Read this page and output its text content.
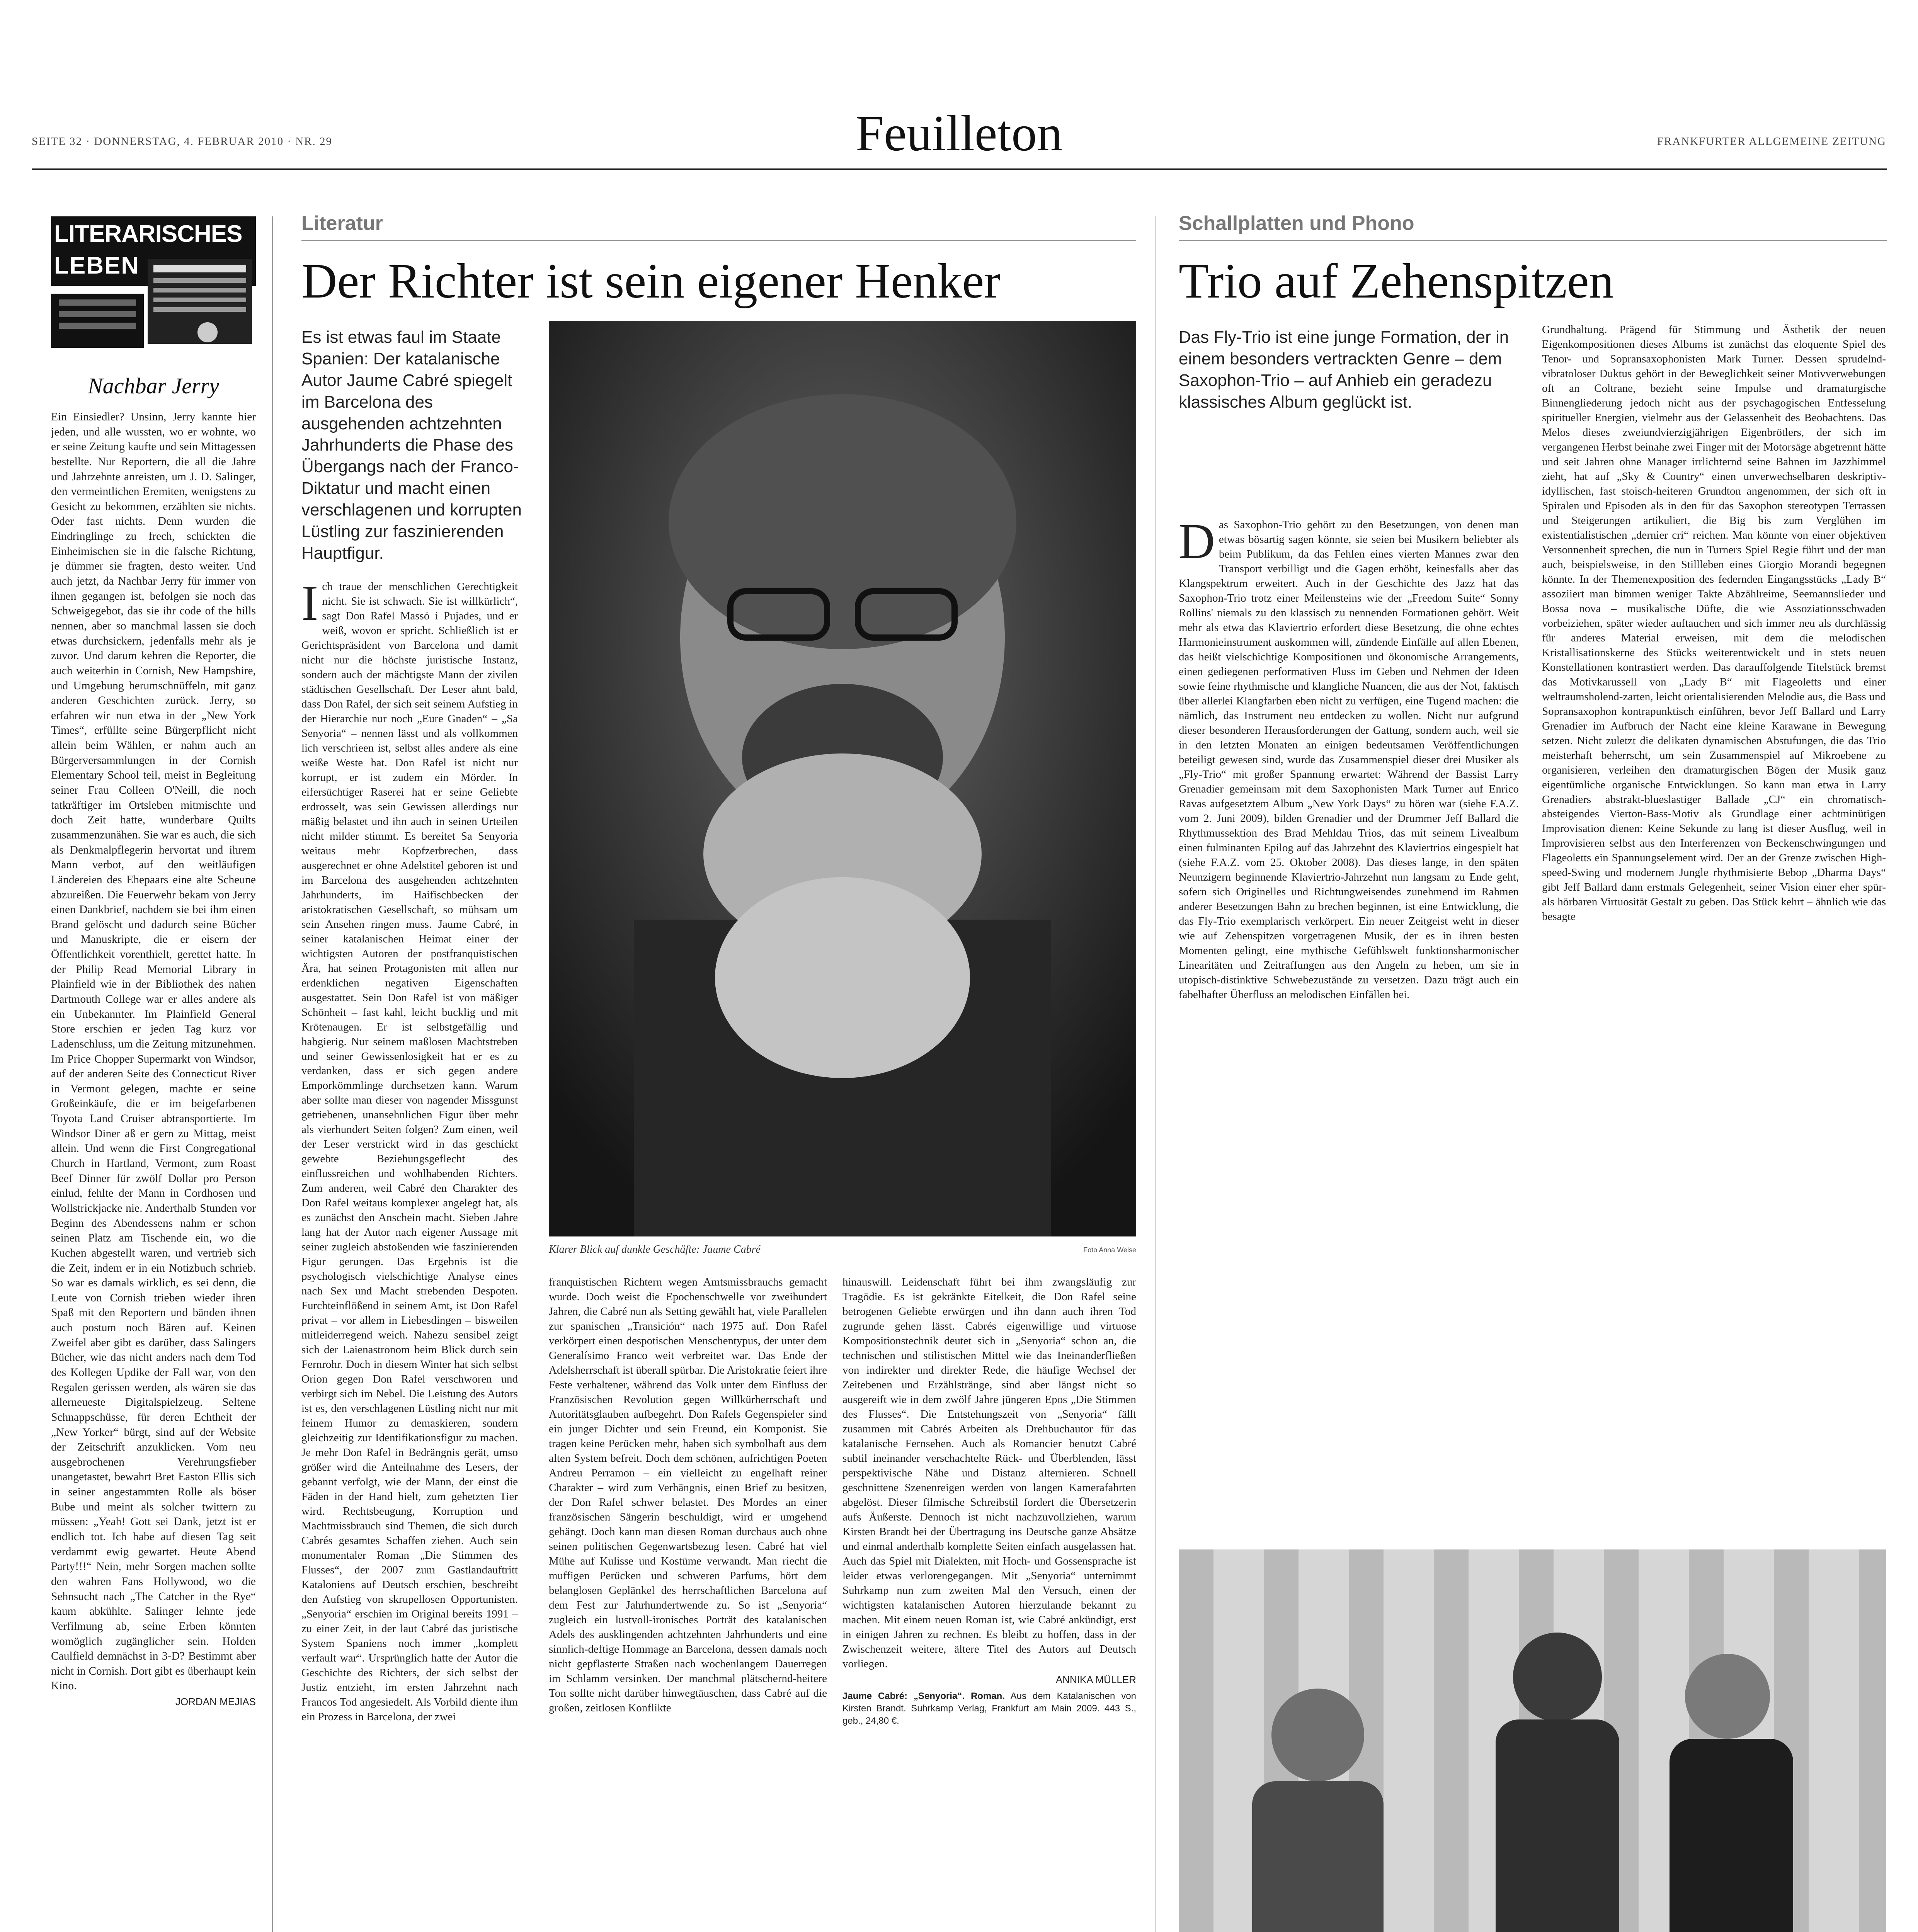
SEITE 32 · DONNERSTAG, 4. FEBRUAR 2010 · NR. 29	Feuilleton	FRANKFURTER ALLGEMEINE ZEITUNG
LITERARISCHES
LEBEN
Nachbar Jerry

Ein Einsiedler? Unsinn, Jerry kannte hier jeden, und alle wussten, wo er wohnte, wo er seine Zeitung kaufte und sein Mittagessen bestellte. Nur Reportern, die all die Jahre und Jahrzehnte anreisten, um J. D. Salinger, den vermeintlichen Eremiten, wenigstens zu Gesicht zu bekommen, erzählten sie nichts. Oder fast nichts. Denn wurden die Eindringlinge zu frech, schickten die Einheimischen sie in die falsche Richtung, je dümmer sie fragten, desto weiter. Und auch jetzt, da Nachbar Jerry für immer von ihnen gegangen ist, befolgen sie noch das Schweigegebot, das sie ihr code of the hills nennen, aber so manchmal lassen sie doch etwas durchsickern, jedenfalls mehr als je zuvor. Und darum kehren die Reporter, die auch weiterhin in Cornish, New Hampshire, und Umgebung herumschnüffeln, mit ganz anderen Geschichten zurück. Jerry, so erfahren wir nun etwa in der „New York Times“, erfüllte seine Bürgerpflicht nicht allein beim Wählen, er nahm auch an Bürgerversammlungen in der Cornish Elementary School teil, meist in Begleitung seiner Frau Colleen O'Neill, die noch tatkräftiger im Ortsleben mitmischte und doch Zeit hatte, wunderbare Quilts zusammenzunähen. Sie war es auch, die sich als Denkmalpflegerin hervortat und ihrem Mann verbot, auf den weitläufigen Ländereien des Ehepaars eine alte Scheune abzureißen. Die Feuerwehr bekam von Jerry einen Dankbrief, nachdem sie bei ihm einen Brand gelöscht und dadurch seine Bücher und Manuskripte, die er eisern der Öffentlichkeit vorenthielt, gerettet hatte. In der Philip Read Memorial Library in Plainfield wie in der Bibliothek des nahen Dartmouth College war er alles andere als ein Unbekannter. Im Plainfield General Store erschien er jeden Tag kurz vor Ladenschluss, um die Zeitung mitzunehmen. Im Price Chopper Supermarkt von Windsor, auf der anderen Seite des Connecticut River in Vermont gelegen, machte er seine Großeinkäufe, die er im beigefarbenen Toyota Land Cruiser abtransportierte. Im Windsor Diner aß er gern zu Mittag, meist allein. Und wenn die First Congregational Church in Hartland, Vermont, zum Roast Beef Dinner für zwölf Dollar pro Person einlud, fehlte der Mann in Cordhosen und Wollstrickjacke nie. Anderthalb Stunden vor Beginn des Abendessens nahm er schon seinen Platz am Tischende ein, wo die Kuchen abgestellt waren, und vertrieb sich die Zeit, indem er in ein Notizbuch schrieb. So war es damals wirklich, es sei denn, die Leute von Cornish trieben wieder ihren Spaß mit den Reportern und bänden ihnen auch postum noch Bären auf. Keinen Zweifel aber gibt es darüber, dass Salingers Bücher, wie das nicht anders nach dem Tod des Kollegen Updike der Fall war, von den Regalen gerissen werden, als wären sie das allerneueste Digitalspielzeug. Seltene Schnappschüsse, für deren Echtheit der „New Yorker“ bürgt, sind auf der Website der Zeitschrift anzuklicken. Vom neu ausgebrochenen Verehrungsfieber unangetastet, bewahrt Bret Easton Ellis sich in seiner angestammten Rolle als böser Bube und meint als solcher twittern zu müssen: „Yeah! Gott sei Dank, jetzt ist er endlich tot. Ich habe auf diesen Tag seit verdammt ewig gewartet. Heute Abend Party!!!“ Nein, mehr Sorgen machen sollte den wahren Fans Hollywood, wo die Sehnsucht nach „The Catcher in the Rye“ kaum abkühlte. Salinger lehnte jede Verfilmung ab, seine Erben könnten womöglich zugänglicher sein. Holden Caulfield demnächst in 3-D? Bestimmt aber nicht in Cornish. Dort gibt es überhaupt kein Kino.

JORDAN MEJIAS
Literatur
Der Richter ist sein eigener Henker
Es ist etwas faul im Staate Spanien: Der katalanische Autor Jaume Cabré spiegelt im Barcelona des ausgehenden achtzehnten Jahrhunderts die Phase des Übergangs nach der Franco-Diktatur und macht einen verschlagenen und korrupten Lüstling zur faszinierenden Hauptfigur.

Ich traue der menschlichen Gerechtigkeit nicht. Sie ist schwach. Sie ist willkürlich“, sagt Don Rafel Massó i Pujades, und er weiß, wovon er spricht. Schließlich ist er Gerichtspräsident von Barcelona und damit nicht nur die höchste juristische Instanz, sondern auch der mächtigste Mann der zivilen städtischen Gesellschaft. Der Leser ahnt bald, dass Don Rafel, der sich seit seinem Aufstieg in der Hierarchie nur noch „Eure Gnaden“ – „Sa Senyoria“ – nennen lässt und als vollkommen lich verschrieen ist, selbst alles andere als eine weiße Weste hat. Don Rafel ist nicht nur korrupt, er ist zudem ein Mörder. In eifersüchtiger Raserei hat er seine Geliebte erdrosselt, was sein Gewissen allerdings nur mäßig belastet und ihn auch in seinen Urteilen nicht milder stimmt. Es bereitet Sa Senyoria weitaus mehr Kopfzerbrechen, dass ausgerechnet er ohne Adelstitel geboren ist und im Barcelona des ausgehenden achtzehnten Jahrhunderts, im Haifischbecken der aristokratischen Gesellschaft, so mühsam um sein Ansehen ringen muss. Jaume Cabré, in seiner katalanischen Heimat einer der wichtigsten Autoren der postfranquistischen Ära, hat seinen Protagonisten mit allen nur erdenklichen negativen Eigenschaften ausgestattet. Sein Don Rafel ist von mäßiger Schönheit – fast kahl, leicht bucklig und mit Krötenaugen. Er ist selbstgefällig und habgierig. Nur seinem maßlosen Machtstreben und seiner Gewissenlosigkeit hat er es zu verdanken, dass er sich gegen andere Emporkömmlinge durchsetzen kann. Warum aber sollte man dieser von nagender Missgunst getriebenen, unansehnlichen Figur über mehr als vierhundert Seiten folgen? Zum einen, weil der Leser verstrickt wird in das geschickt gewebte Beziehungsgeflecht des einflussreichen und wohlhabenden Richters. Zum anderen, weil Cabré den Charakter des Don Rafel weitaus komplexer angelegt hat, als es zunächst den Anschein macht. Sieben Jahre lang hat der Autor nach eigener Aussage mit seiner zugleich abstoßenden wie faszinierenden Figur gerungen. Das Ergebnis ist die psychologisch vielschichtige Analyse eines nach Sex und Macht strebenden Despoten. Furchteinflößend in seinem Amt, ist Don Rafel privat – vor allem in Liebesdingen – bisweilen mitleiderregend weich. Nahezu sensibel zeigt sich der Laienastronom beim Blick durch sein Fernrohr. Doch in diesem Winter hat sich selbst Orion gegen Don Rafel verschworen und verbirgt sich im Nebel. Die Leistung des Autors ist es, den verschlagenen Lüstling nicht nur mit feinem Humor zu demaskieren, sondern gleichzeitig zur Identifikationsfigur zu machen. Je mehr Don Rafel in Bedrängnis gerät, umso größer wird die Anteilnahme des Lesers, der gebannt verfolgt, wie der Mann, der einst die Fäden in der Hand hielt, zum gehetzten Tier wird. Rechtsbeugung, Korruption und Machtmissbrauch sind Themen, die sich durch Cabrés gesamtes Schaffen ziehen. Auch sein monumentaler Roman „Die Stimmen des Flusses“, der 2007 zum Gastlandauftritt Kataloniens auf Deutsch erschien, beschreibt den Aufstieg von skrupellosen Opportunisten. „Senyoria“ erschien im Original bereits 1991 – zu einer Zeit, in der laut Cabré das juristische System Spaniens noch immer „komplett verfault war“. Ursprünglich hatte der Autor die Geschichte des Richters, der sich selbst der Justiz entzieht, im ersten Jahrzehnt nach Francos Tod angesiedelt. Als Vorbild diente ihm ein Prozess in Barcelona, der zwei

Klarer Blick auf dunkle Geschäfte: Jaume Cabré	Foto Anna Weise

franquistischen Richtern wegen Amtsmissbrauchs gemacht wurde. Doch weist die Epochenschwelle vor zweihundert Jahren, die Cabré nun als Setting gewählt hat, viele Parallelen zur spanischen „Transición“ nach 1975 auf. Don Rafel verkörpert einen despotischen Menschentypus, der unter dem Generalísimo Franco weit verbreitet war. Das Ende der Adelsherrschaft ist überall spürbar. Die Aristokratie feiert ihre Feste verhaltener, während das Volk unter dem Einfluss der Französischen Revolution gegen Willkürherrschaft und Autoritätsglauben aufbegehrt. Don Rafels Gegenspieler sind ein junger Dichter und sein Freund, ein Komponist. Sie tragen keine Perücken mehr, haben sich symbolhaft aus dem alten System befreit. Doch dem schönen, aufrichtigen Poeten Andreu Perramon – ein vielleicht zu engelhaft reiner Charakter – wird zum Verhängnis, einen Brief zu besitzen, der Don Rafel schwer belastet. Des Mordes an einer französischen Sängerin beschuldigt, wird er umgehend gehängt. Doch kann man diesen Roman durchaus auch ohne seinen politischen Gegenwartsbezug lesen. Cabré hat viel Mühe auf Kulisse und Kostüme verwandt. Man riecht die muffigen Perücken und schweren Parfums, hört dem belanglosen Geplänkel des herrschaftlichen Barcelona auf dem Fest zur Jahrhundertwende zu. So ist „Senyoria“ zugleich ein lustvoll-ironisches Porträt des katalanischen Adels des ausklingenden achtzehnten Jahrhunderts und eine sinnlich-deftige Hommage an Barcelona, dessen damals noch nicht gepflasterte Straßen nach wochenlangem Dauerregen im Schlamm versinken. Der manchmal plätschernd-heitere Ton sollte nicht darüber hinwegtäuschen, dass Cabré auf die großen, zeitlosen Konflikte

hinauswill. Leidenschaft führt bei ihm zwangsläufig zur Tragödie. Es ist gekränkte Eitelkeit, die Don Rafel seine betrogenen Geliebte erwürgen und ihn dann auch ihren Tod zugrunde gehen lässt. Cabrés eigenwillige und virtuose Kompositionstechnik deutet sich in „Senyoria“ schon an, die technischen und stilistischen Mittel wie das Ineinanderfließen von indirekter und direkter Rede, die häufige Wechsel der Zeitebenen und Erzählstränge, sind aber längst nicht so ausgereift wie in dem zwölf Jahre jüngeren Epos „Die Stimmen des Flusses“. Die Entstehungszeit von „Senyoria“ fällt zusammen mit Cabrés Arbeiten als Drehbuchautor für das katalanische Fernsehen. Auch als Romancier benutzt Cabré subtil ineinander verschachtelte Rück- und Überblenden, lässt perspektivische Nähe und Distanz alternieren. Schnell geschnittene Szenenreigen werden von langen Kamerafahrten abgelöst. Dieser filmische Schreibstil fordert die Übersetzerin aufs Äußerste. Dennoch ist nicht nachzuvollziehen, warum Kirsten Brandt bei der Übertragung ins Deutsche ganze Absätze und einmal anderthalb komplette Seiten einfach ausgelassen hat. Auch das Spiel mit Dialekten, mit Hoch- und Gossensprache ist leider etwas verlorengegangen. Mit „Senyoria“ unternimmt Suhrkamp nun zum zweiten Mal den Versuch, einen der wichtigsten katalanischen Autoren hierzulande bekannt zu machen. Mit einem neuen Roman ist, wie Cabré ankündigt, erst in einigen Jahren zu rechnen. Es bleibt zu hoffen, dass in der Zwischenzeit weitere, ältere Titel des Autors auf Deutsch vorliegen.

ANNIKA MÜLLER
Jaume Cabré: „Senyoria“. Roman. Aus dem Katalanischen von Kirsten Brandt. Suhrkamp Verlag, Frankfurt am Main 2009. 443 S., geb., 24,80 €.
Schallplatten und Phono
Trio auf Zehenspitzen
Das Fly-Trio ist eine junge Formation, der in einem besonders vertrackten Genre – dem Saxophon-Trio – auf Anhieb ein geradezu klassisches Album geglückt ist.

Das Saxophon-Trio gehört zu den Besetzungen, von denen man etwas bösartig sagen könnte, sie seien bei Musikern beliebter als beim Publikum, da das Fehlen eines vierten Mannes zwar den Transport verbilligt und die Gagen erhöht, keinesfalls aber das Klangspektrum erweitert. Auch in der Geschichte des Jazz hat das Saxophon-Trio trotz einer Meilensteins wie der „Freedom Suite“ Sonny Rollins' niemals zu den klassisch zu nennenden Formationen gehört. Weit mehr als etwa das Klaviertrio erfordert diese Besetzung, die ohne echtes Harmonieinstrument auskommen will, zündende Einfälle auf allen Ebenen, das heißt vielschichtige Kompositionen und ökonomische Arrangements, einen gediegenen performativen Fluss im Geben und Nehmen der Ideen sowie feine rhythmische und klangliche Nuancen, die aus der Not, faktisch über allerlei Klangfarben eben nicht zu verfügen, eine Tugend machen: die nämlich, das Instrument neu entdecken zu wollen. Nicht nur aufgrund dieser besonderen Herausforderungen der Gattung, sondern auch, weil sie in den letzten Monaten an einigen bedeutsamen Veröffentlichungen beteiligt gewesen sind, wurde das Zusammenspiel dieser drei Musiker als „Fly-Trio“ mit großer Spannung erwartet: Während der Bassist Larry Grenadier gemeinsam mit dem Saxophonisten Mark Turner auf Enrico Ravas aufgesetztem Album „New York Days“ zu hören war (siehe F.A.Z. vom 2. Juni 2009), bilden Grenadier und der Drummer Jeff Ballard die Rhythmussektion des Brad Mehldau Trios, das mit seinem Livealbum einen fulminanten Epilog auf das Jahrzehnt des Klaviertrios eingespielt hat (siehe F.A.Z. vom 25. Oktober 2008). Das dieses lange, in den späten Neunzigern beginnende Klaviertrio-Jahrzehnt nun langsam zu Ende geht, sofern sich Originelles und Richtungweisendes zunehmend im Rahmen anderer Besetzungen Bahn zu brechen beginnen, ist eine Entwicklung, die das Fly-Trio exemplarisch verkörpert. Ein neuer Zeitgeist weht in dieser wie auf Zehenspitzen vorgetragenen Musik, der es in ihren besten Momenten gelingt, eine mythische Gefühlswelt funktionsharmonischer Linearitäten und Zeitraffungen aus den Angeln zu heben, um sie in utopisch-distinktive Schwebezustände zu versetzen. Dazu trägt auch ein fabelhafter Überfluss an melodischen Einfällen bei.

Grundhaltung. Prägend für Stimmung und Ästhetik der neuen Eigenkompositionen dieses Albums ist zunächst das eloquente Spiel des Tenor- und Sopransaxophonisten Mark Turner. Dessen sprudelnd-vibratoloser Duktus gehört in der Beweglichkeit seiner Motivverwebungen oft an Coltrane, bezieht seine Impulse und dramaturgische Binnengliederung jedoch nicht aus der psychagogischen Entfesselung spiritueller Energien, vielmehr aus der Gelassenheit des Beobachtens. Das Melos dieses zweiundvierzigjährigen Eigenbrötlers, der sich im vergangenen Herbst beinahe zwei Finger mit der Motorsäge abgetrennt hätte und seit Jahren ohne Manager irrlichternd seine Bahnen im Jazzhimmel zieht, hat auf „Sky & Country“ einen unverwechselbaren deskriptiv-idyllischen, fast stoisch-heiteren Grundton angenommen, der sich oft in Spiralen und Episoden als in den für das Saxophon stereotypen Terrassen und Steigerungen artikuliert, die Big bis zum Verglühen im existentialistischen „dernier cri“ reichen. Man könnte von einer objektiven Versonnenheit sprechen, die nun in Turners Spiel Regie führt und der man auch, beispielsweise, in den Stillleben eines Giorgio Morandi begegnen könnte. In der Themenexposition des federnden Eingangsstücks „Lady B“ assoziiert man bimmen weniger Takte Abzählreime, Seemannslieder und Bossa nova – musikalische Düfte, die wie Assoziationsschwaden vorbeiziehen, später wieder auftauchen und sich immer neu als durchlässig für anderes Material erweisen, mit dem die melodischen Kristallisationskerne des Stücks weiterentwickelt und in stets neuen Konstellationen kontrastiert werden. Das darauffolgende Titelstück bremst das Motivkarussell von „Lady B“ mit Flageoletts und einer weltraumsholend-zarten, leicht orientalisierenden Melodie aus, die Bass und Sopransaxophon kontrapunktisch einführen, bevor Jeff Ballard und Larry Grenadier im Aufbruch der Nacht eine kleine Karawane in Bewegung setzen. Nicht zuletzt die delikaten dynamischen Abstufungen, die das Trio meisterhaft beherrscht, um sein Zusammenspiel auf Mikroebene zu organisieren, verleihen den dramaturgischen Bögen der Musik ganz eigentümliche organische Entwicklungen. So kann man etwa in Larry Grenadiers abstrakt-blueslastiger Ballade „CJ“ ein chromatisch-absteigendes Vierton-Bass-Motiv als Grundlage einer achtminütigen Improvisation dienen: Keine Sekunde zu lang ist dieser Ausflug, weil in Improvisieren selbst aus den Interferenzen von Beckenschwingungen und Flageoletts ein Spannungselement wird. Der an der Grenze zwischen High-speed-Swing und modernem Jungle rhythmisierte Bebop „Dharma Days“ gibt Jeff Ballard dann erstmals Gelegenheit, seiner Vision einer eher spür- als hörbaren Virtuosität Gestalt zu geben. Das Stück kehrt – ähnlich wie das besagte
